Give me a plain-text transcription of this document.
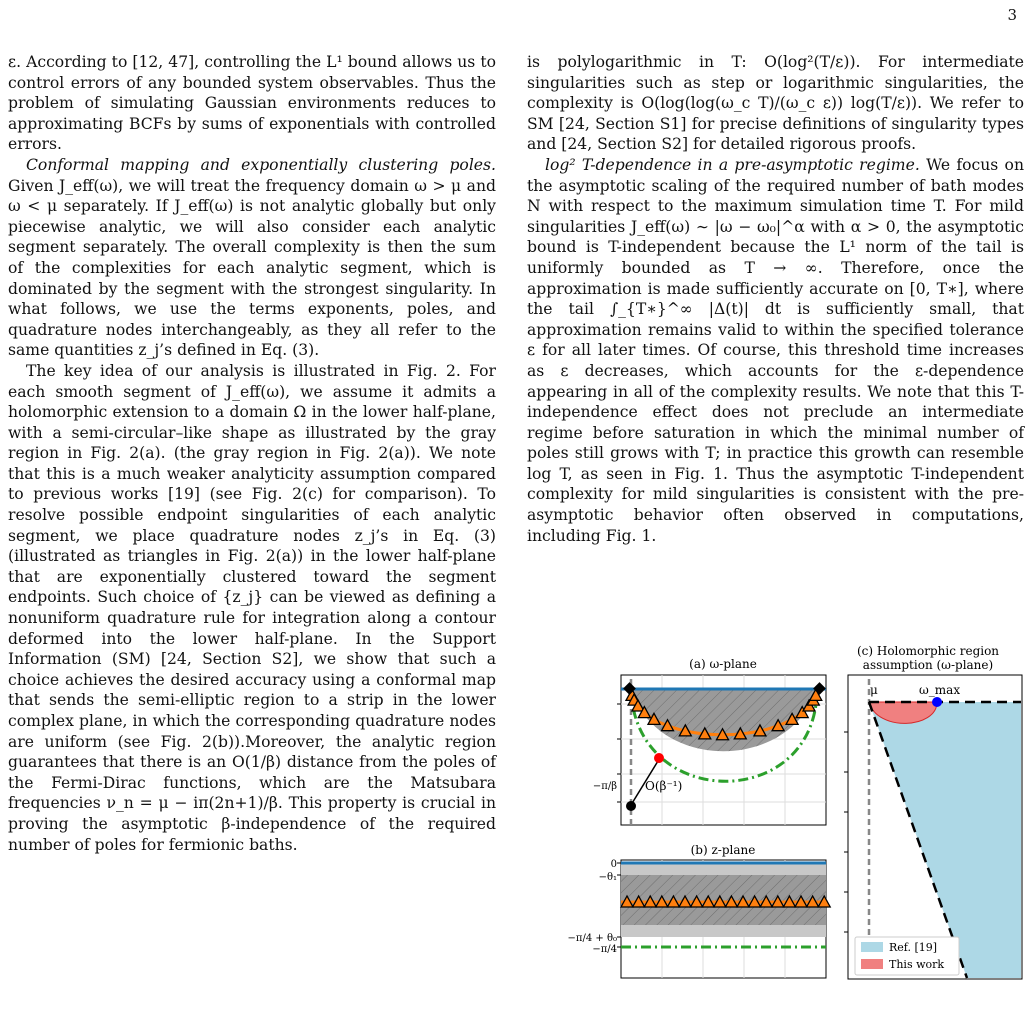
3

ε. According to [12, 47], controlling the L¹ bound allows us to control errors of any bounded system observables. Thus the problem of simulating Gaussian environments reduces to approximating BCFs by sums of exponentials with controlled errors.

Conformal mapping and exponentially clustering poles. Given J_eff(ω), we will treat the frequency domain ω > μ and ω < μ separately. If J_eff(ω) is not analytic globally but only piecewise analytic, we will also consider each analytic segment separately. The overall complexity is then the sum of the complexities for each analytic segment, which is dominated by the segment with the strongest singularity. In what follows, we use the terms exponents, poles, and quadrature nodes interchangeably, as they all refer to the same quantities z_j’s defined in Eq. (3).

The key idea of our analysis is illustrated in Fig. 2. For each smooth segment of J_eff(ω), we assume it admits a holomorphic extension to a domain Ω in the lower half-plane, with a semi-circular–like shape as illustrated by the gray region in Fig. 2(a). (the gray region in Fig. 2(a)). We note that this is a much weaker analyticity assumption compared to previous works [19] (see Fig. 2(c) for comparison). To resolve possible endpoint singularities of each analytic segment, we place quadrature nodes z_j’s in Eq. (3) (illustrated as triangles in Fig. 2(a)) in the lower half-plane that are exponentially clustered toward the segment endpoints. Such choice of {z_j} can be viewed as defining a nonuniform quadrature rule for integration along a contour deformed into the lower half-plane. In the Support Information (SM) [24, Section S2], we show that such a choice achieves the desired accuracy using a conformal map that sends the semi-elliptic region to a strip in the lower complex plane, in which the corresponding quadrature nodes are uniform (see Fig. 2(b)).Moreover, the analytic region guarantees that there is an O(1/β) distance from the poles of the Fermi-Dirac functions, which are the Matsubara frequencies ν_n = μ − iπ(2n+1)/β. This property is crucial in proving the asymptotic β-independence of the required number of poles for fermionic baths.

is polylogarithmic in T: O(log²(T/ε)). For intermediate singularities such as step or logarithmic singularities, the complexity is O(log(log(ω_c T)/(ω_c ε)) log(T/ε)). We refer to SM [24, Section S1] for precise definitions of singularity types and [24, Section S2] for detailed rigorous proofs.

log² T-dependence in a pre-asymptotic regime. We focus on the asymptotic scaling of the required number of bath modes N with respect to the maximum simulation time T. For mild singularities J_eff(ω) ∼ |ω − ω₀|^α with α > 0, the asymptotic bound is T-independent because the L¹ norm of the tail is uniformly bounded as T → ∞. Therefore, once the approximation is made sufficiently accurate on [0, T∗], where the tail ∫_{T∗}^∞ |Δ(t)| dt is sufficiently small, that approximation remains valid to within the specified tolerance ε for all later times. Of course, this threshold time increases as ε decreases, which accounts for the ε-dependence appearing in all of the complexity results. We note that this T-independence effect does not preclude an intermediate regime before saturation in which the minimal number of poles still grows with T; in practice this growth can resemble log T, as seen in Fig. 1. Thus the asymptotic T-independent complexity for mild singularities is consistent with the pre-asymptotic behavior often observed in computations, including Fig. 1.

(a) ω-plane
O(β⁻¹)
−π/β
(b) z-plane
0
−θ₁
−π/4 + θ₀
−π/4
(c) Holomorphic region
assumption (ω-plane)
μ	ω_max
Ref. [19]
This work
